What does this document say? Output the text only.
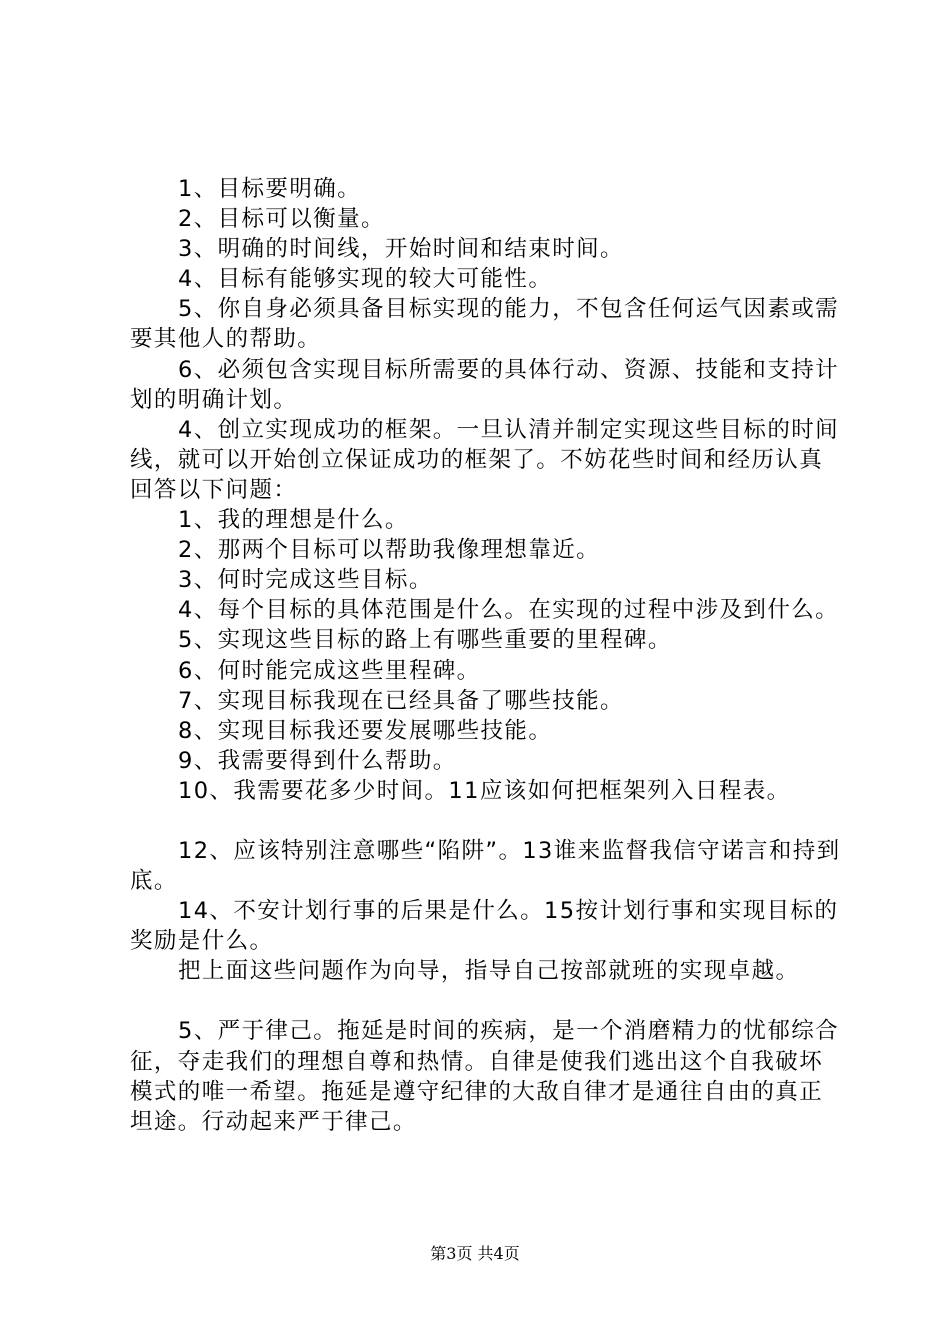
1、目标要明确。

2、目标可以衡量。

3、明确的时间线，开始时间和结束时间。

4、目标有能够实现的较大可能性。

5、你自身必须具备目标实现的能力，不包含任何运气因素或需要其他人的帮助。

6、必须包含实现目标所需要的具体行动、资源、技能和支持计划的明确计划。

4、创立实现成功的框架。一旦认清并制定实现这些目标的时间线，就可以开始创立保证成功的框架了。不妨花些时间和经历认真回答以下问题：

1、我的理想是什么。

2、那两个目标可以帮助我像理想靠近。

3、何时完成这些目标。

4、每个目标的具体范围是什么。在实现的过程中涉及到什么。

5、实现这些目标的路上有哪些重要的里程碑。

6、何时能完成这些里程碑。

7、实现目标我现在已经具备了哪些技能。

8、实现目标我还要发展哪些技能。

9、我需要得到什么帮助。

10、我需要花多少时间。11应该如何把框架列入日程表。

12、应该特别注意哪些“陷阱”。13谁来监督我信守诺言和持到底。

14、不安计划行事的后果是什么。15按计划行事和实现目标的奖励是什么。

把上面这些问题作为向导，指导自己按部就班的实现卓越。

5、严于律己。拖延是时间的疾病，是一个消磨精力的忧郁综合征，夺走我们的理想自尊和热情。自律是使我们逃出这个自我破坏模式的唯一希望。拖延是遵守纪律的大敌自律才是通往自由的真正坦途。行动起来严于律己。

第3页 共4页
